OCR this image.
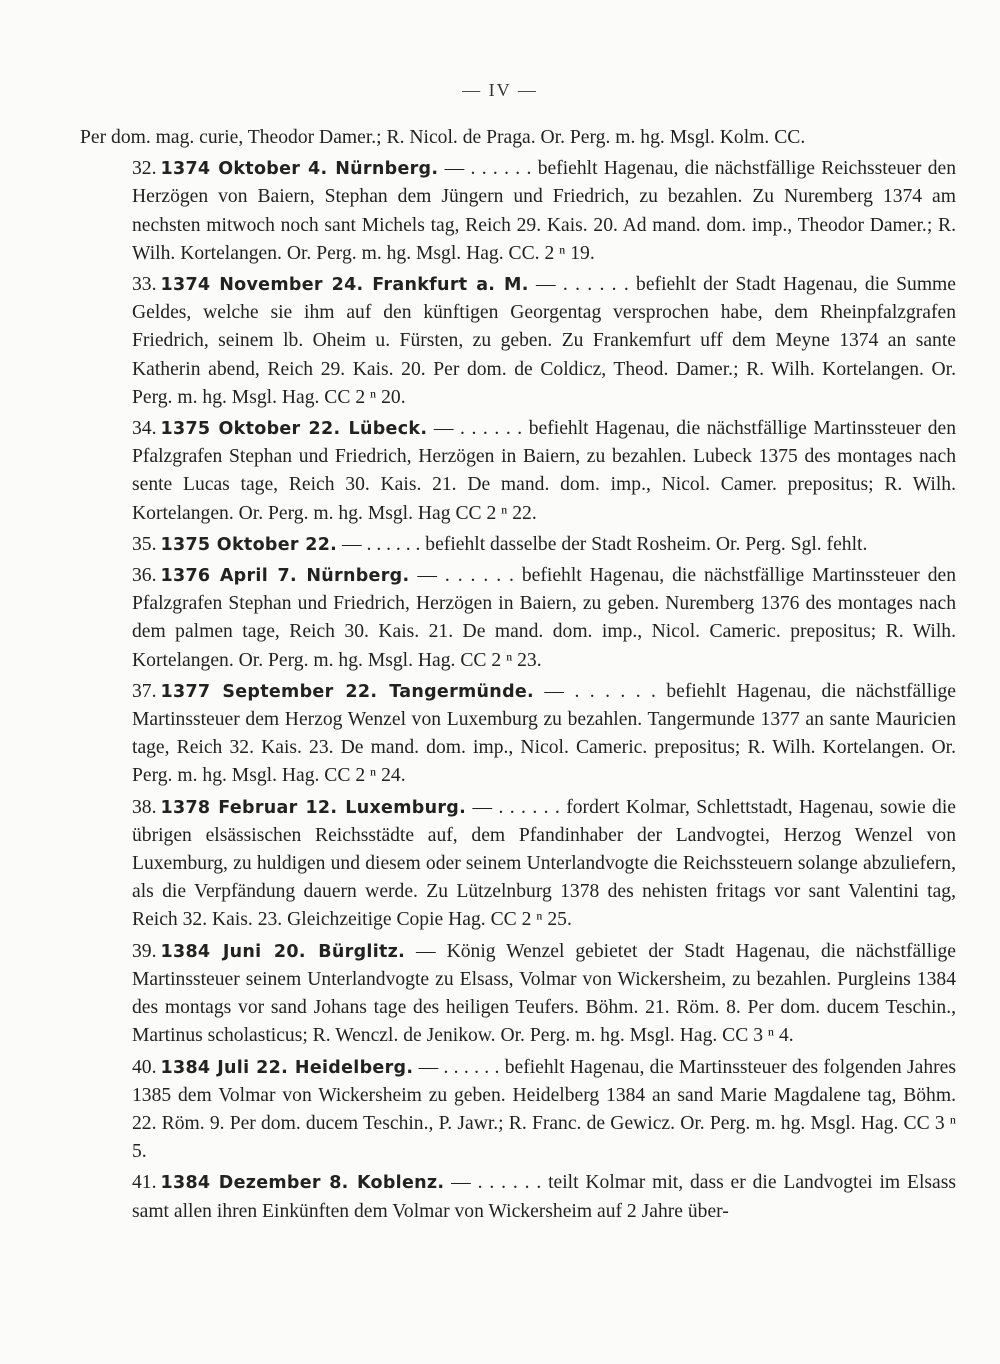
— IV —

Per dom. mag. curie, Theodor Damer.; R. Nicol. de Praga. Or. Perg. m. hg. Msgl. Kolm. CC.

32. 1374 Oktober 4. Nürnberg. — . . . . . . befiehlt Hagenau, die nächstfällige Reichssteuer den Herzögen von Baiern, Stephan dem Jüngern und Friedrich, zu bezahlen. Zu Nuremberg 1374 am nechsten mitwoch noch sant Michels tag, Reich 29. Kais. 20. Ad mand. dom. imp., Theodor Damer.; R. Wilh. Kortelangen. Or. Perg. m. hg. Msgl. Hag. CC. 2 ⁿ 19.

33. 1374 November 24. Frankfurt a. M. — . . . . . . befiehlt der Stadt Hagenau, die Summe Geldes, welche sie ihm auf den künftigen Georgentag versprochen habe, dem Rheinpfalzgrafen Friedrich, seinem lb. Oheim u. Fürsten, zu geben. Zu Frankemfurt uff dem Meyne 1374 an sante Katherin abend, Reich 29. Kais. 20. Per dom. de Coldicz, Theod. Damer.; R. Wilh. Kortelangen. Or. Perg. m. hg. Msgl. Hag. CC 2 ⁿ 20.

34. 1375 Oktober 22. Lübeck. — . . . . . . befiehlt Hagenau, die nächstfällige Martinssteuer den Pfalzgrafen Stephan und Friedrich, Herzögen in Baiern, zu bezahlen. Lubeck 1375 des montages nach sente Lucas tage, Reich 30. Kais. 21. De mand. dom. imp., Nicol. Camer. prepositus; R. Wilh. Kortelangen. Or. Perg. m. hg. Msgl. Hag CC 2 ⁿ 22.

35. 1375 Oktober 22. — . . . . . . befiehlt dasselbe der Stadt Rosheim. Or. Perg. Sgl. fehlt.

36. 1376 April 7. Nürnberg. — . . . . . . befiehlt Hagenau, die nächstfällige Martinssteuer den Pfalzgrafen Stephan und Friedrich, Herzögen in Baiern, zu geben. Nuremberg 1376 des montages nach dem palmen tage, Reich 30. Kais. 21. De mand. dom. imp., Nicol. Cameric. prepositus; R. Wilh. Kortelangen. Or. Perg. m. hg. Msgl. Hag. CC 2 ⁿ 23.

37. 1377 September 22. Tangermünde. — . . . . . . befiehlt Hagenau, die nächstfällige Martinssteuer dem Herzog Wenzel von Luxemburg zu bezahlen. Tangermunde 1377 an sante Mauricien tage, Reich 32. Kais. 23. De mand. dom. imp., Nicol. Cameric. prepositus; R. Wilh. Kortelangen. Or. Perg. m. hg. Msgl. Hag. CC 2 ⁿ 24.

38. 1378 Februar 12. Luxemburg. — . . . . . . fordert Kolmar, Schlettstadt, Hagenau, sowie die übrigen elsässischen Reichsstädte auf, dem Pfandinhaber der Landvogtei, Herzog Wenzel von Luxemburg, zu huldigen und diesem oder seinem Unterlandvogte die Reichssteuern solange abzuliefern, als die Verpfändung dauern werde. Zu Lützelnburg 1378 des nehisten fritags vor sant Valentini tag, Reich 32. Kais. 23. Gleichzeitige Copie Hag. CC 2 ⁿ 25.

39. 1384 Juni 20. Bürglitz. — König Wenzel gebietet der Stadt Hagenau, die nächstfällige Martinssteuer seinem Unterlandvogte zu Elsass, Volmar von Wickersheim, zu bezahlen. Purgleins 1384 des montags vor sand Johans tage des heiligen Teufers. Böhm. 21. Röm. 8. Per dom. ducem Teschin., Martinus scholasticus; R. Wenczl. de Jenikow. Or. Perg. m. hg. Msgl. Hag. CC 3 ⁿ 4.

40. 1384 Juli 22. Heidelberg. — . . . . . . befiehlt Hagenau, die Martinssteuer des folgenden Jahres 1385 dem Volmar von Wickersheim zu geben. Heidelberg 1384 an sand Marie Magdalene tag, Böhm. 22. Röm. 9. Per dom. ducem Teschin., P. Jawr.; R. Franc. de Gewicz. Or. Perg. m. hg. Msgl. Hag. CC 3 ⁿ 5.

41. 1384 Dezember 8. Koblenz. — . . . . . . teilt Kolmar mit, dass er die Landvogtei im Elsass samt allen ihren Einkünften dem Volmar von Wickersheim auf 2 Jahre über-
